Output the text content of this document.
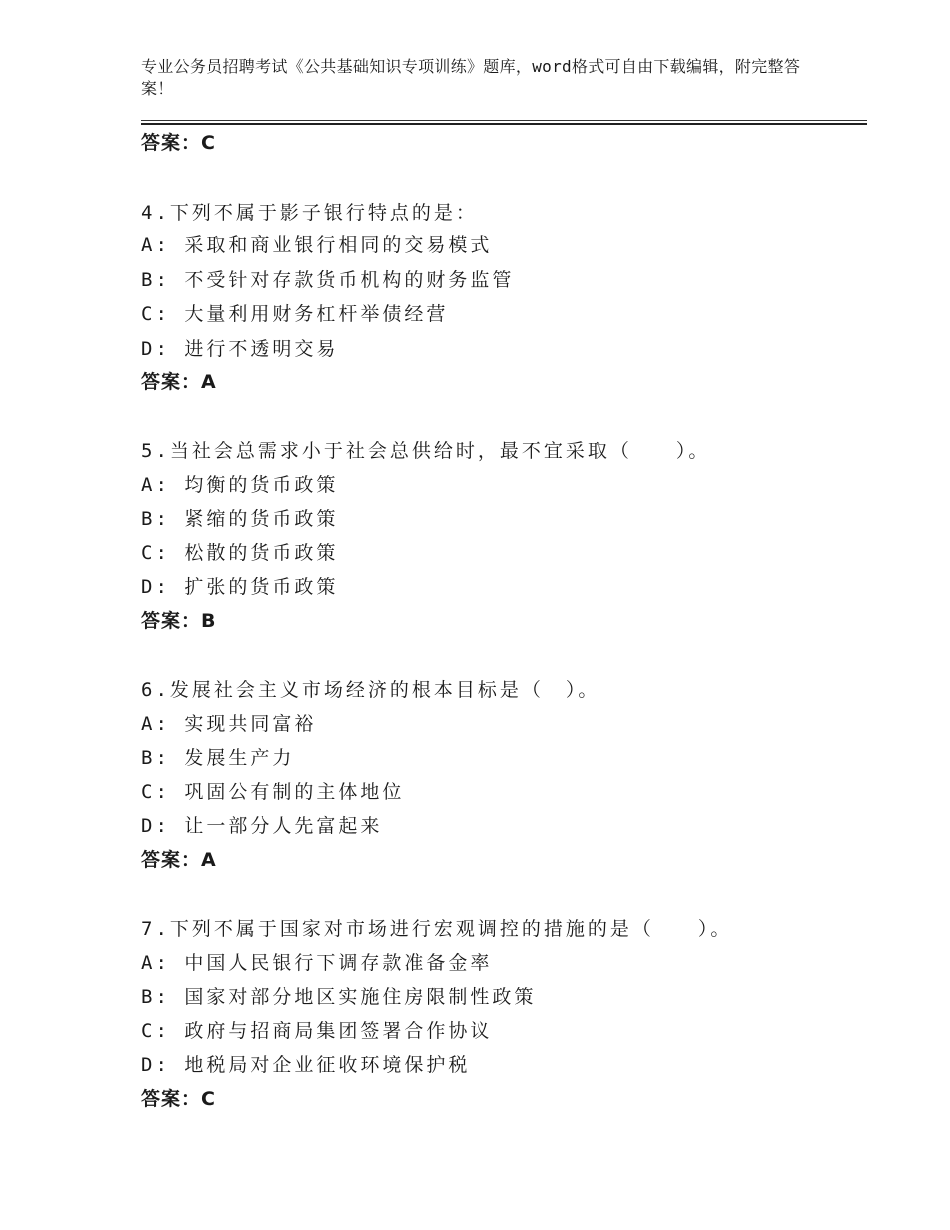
专业公务员招聘考试《公共基础知识专项训练》题库，word格式可自由下载编辑，附完整答案！
答案：C
4.下列不属于影子银行特点的是：
A: 采取和商业银行相同的交易模式
B: 不受针对存款货币机构的财务监管
C: 大量利用财务杠杆举债经营
D: 进行不透明交易
答案：A
5.当社会总需求小于社会总供给时，最不宜采取（　　）。
A: 均衡的货币政策
B: 紧缩的货币政策
C: 松散的货币政策
D: 扩张的货币政策
答案：B
6.发展社会主义市场经济的根本目标是（　）。
A: 实现共同富裕
B: 发展生产力
C: 巩固公有制的主体地位
D: 让一部分人先富起来
答案：A
7.下列不属于国家对市场进行宏观调控的措施的是（　　）。
A: 中国人民银行下调存款准备金率
B: 国家对部分地区实施住房限制性政策
C: 政府与招商局集团签署合作协议
D: 地税局对企业征收环境保护税
答案：C
